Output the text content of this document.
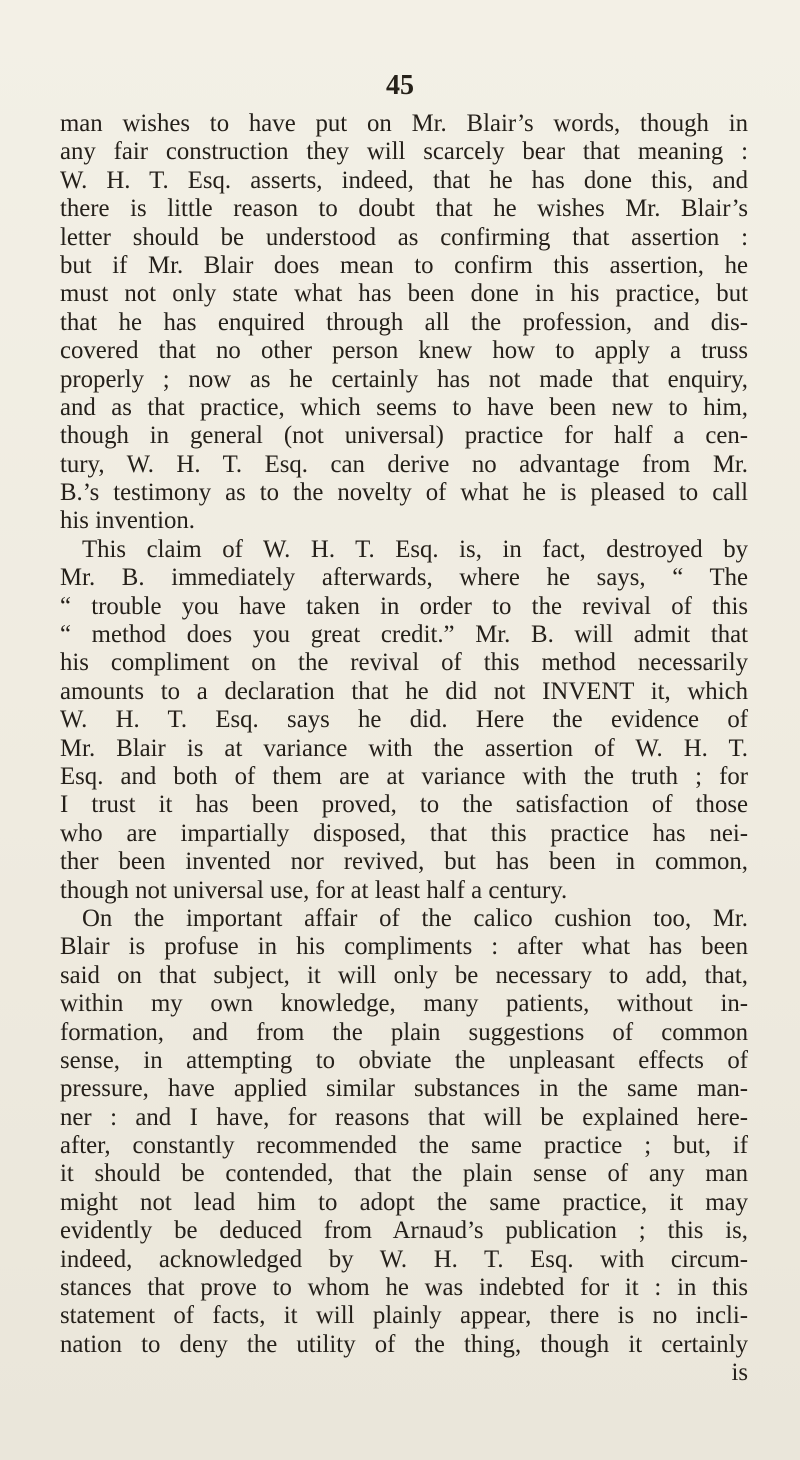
45
man wishes to have put on Mr. Blair’s words, though in
any fair construction they will scarcely bear that meaning :
W. H. T. Esq. asserts, indeed, that he has done this, and
there is little reason to doubt that he wishes Mr. Blair’s
letter should be understood as confirming that assertion :
but if Mr. Blair does mean to confirm this assertion, he
must not only state what has been done in his practice, but
that he has enquired through all the profession, and dis-
covered that no other person knew how to apply a truss
properly ; now as he certainly has not made that enquiry,
and as that practice, which seems to have been new to him,
though in general (not universal) practice for half a cen-
tury, W. H. T. Esq. can derive no advantage from Mr.
B.’s testimony as to the novelty of what he is pleased to call
his invention.
This claim of W. H. T. Esq. is, in fact, destroyed by
Mr. B. immediately afterwards, where he says, “ The
“ trouble you have taken in order to the revival of this
“ method does you great credit.” Mr. B. will admit that
his compliment on the revival of this method necessarily
amounts to a declaration that he did not INVENT it, which
W. H. T. Esq. says he did. Here the evidence of
Mr. Blair is at variance with the assertion of W. H. T.
Esq. and both of them are at variance with the truth ; for
I trust it has been proved, to the satisfaction of those
who are impartially disposed, that this practice has nei-
ther been invented nor revived, but has been in common,
though not universal use, for at least half a century.
On the important affair of the calico cushion too, Mr.
Blair is profuse in his compliments : after what has been
said on that subject, it will only be necessary to add, that,
within my own knowledge, many patients, without in-
formation, and from the plain suggestions of common
sense, in attempting to obviate the unpleasant effects of
pressure, have applied similar substances in the same man-
ner : and I have, for reasons that will be explained here-
after, constantly recommended the same practice ; but, if
it should be contended, that the plain sense of any man
might not lead him to adopt the same practice, it may
evidently be deduced from Arnaud’s publication ; this is,
indeed, acknowledged by W. H. T. Esq. with circum-
stances that prove to whom he was indebted for it : in this
statement of facts, it will plainly appear, there is no incli-
nation to deny the utility of the thing, though it certainly
is
